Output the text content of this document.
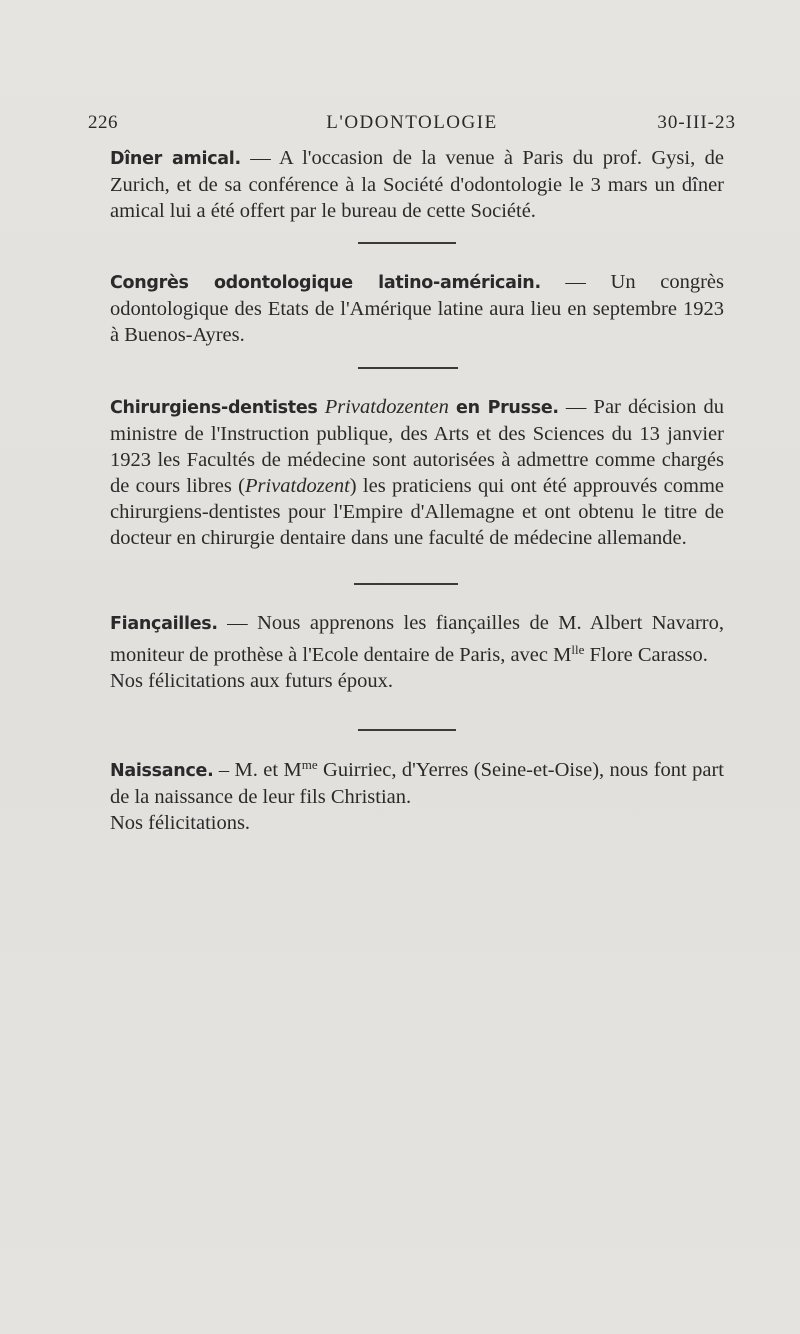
226	L'ODONTOLOGIE	30-III-23

Dîner amical. — A l'occasion de la venue à Paris du prof. Gysi, de Zurich, et de sa conférence à la Société d'odontologie le 3 mars un dîner amical lui a été offert par le bureau de cette Société.

Congrès odontologique latino-américain. — Un congrès odontologique des Etats de l'Amérique latine aura lieu en septembre 1923 à Buenos-Ayres.

Chirurgiens-dentistes Privatdozenten en Prusse. — Par décision du ministre de l'Instruction publique, des Arts et des Sciences du 13 janvier 1923 les Facultés de médecine sont autorisées à admettre comme chargés de cours libres (Privatdozent) les praticiens qui ont été approuvés comme chirurgiens-dentistes pour l'Empire d'Allemagne et ont obtenu le titre de docteur en chirurgie dentaire dans une faculté de médecine allemande.

Fiançailles. — Nous apprenons les fiançailles de M. Albert Navarro, moniteur de prothèse à l'Ecole dentaire de Paris, avec $M^{lle}$ Flore Carasso.

Nos félicitations aux futurs époux.

Naissance. – M. et $M^{me}$ Guirriec, d'Yerres (Seine-et-Oise), nous font part de la naissance de leur fils Christian.

Nos félicitations.
